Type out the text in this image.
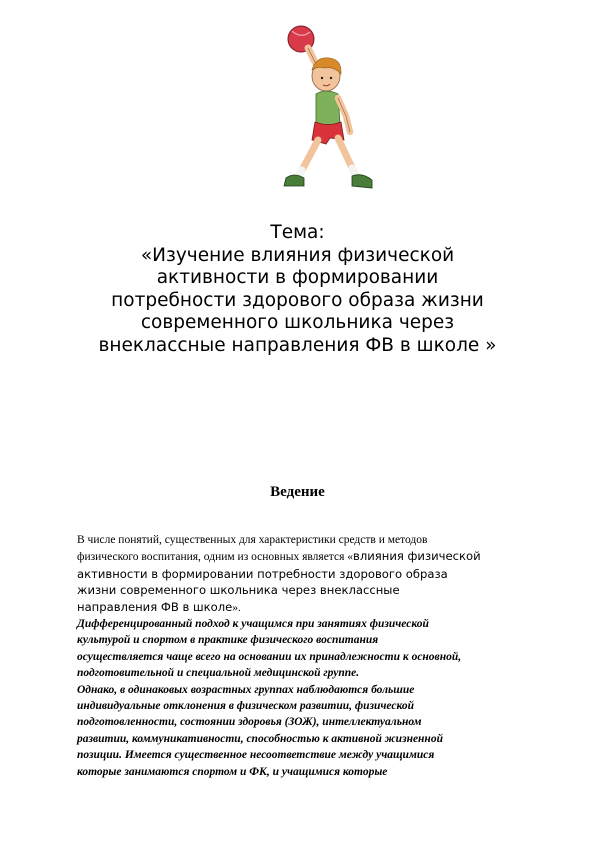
Тема:
«Изучение влияния физической
активности в формировании
потребности здорового образа жизни
современного школьника через
внеклассные направления ФВ в школе »
Ведение
В числе понятий, существенных для характеристики средств и методов
физического воспитания, одним из основных является «влияния физической
активности в формировании потребности здорового образа
жизни современного школьника через внеклассные
направления ФВ в школе».
Дифференцированный подход к учащимся при занятиях физической
культурой и спортом в практике физического воспитания
осуществляется чаще всего на основании их принадлежности к основной,
подготовительной и специальной медицинской группе.
Однако, в одинаковых возрастных группах наблюдаются большие
индивидуальные отклонения в физическом развитии, физической
подготовленности, состоянии здоровья (ЗОЖ), интеллектуальном
развитии, коммуникативности, способностью к активной жизненной
позиции. Имеется существенное несоответствие между учащимися
которые занимаются спортом и ФК, и учащимися которые
